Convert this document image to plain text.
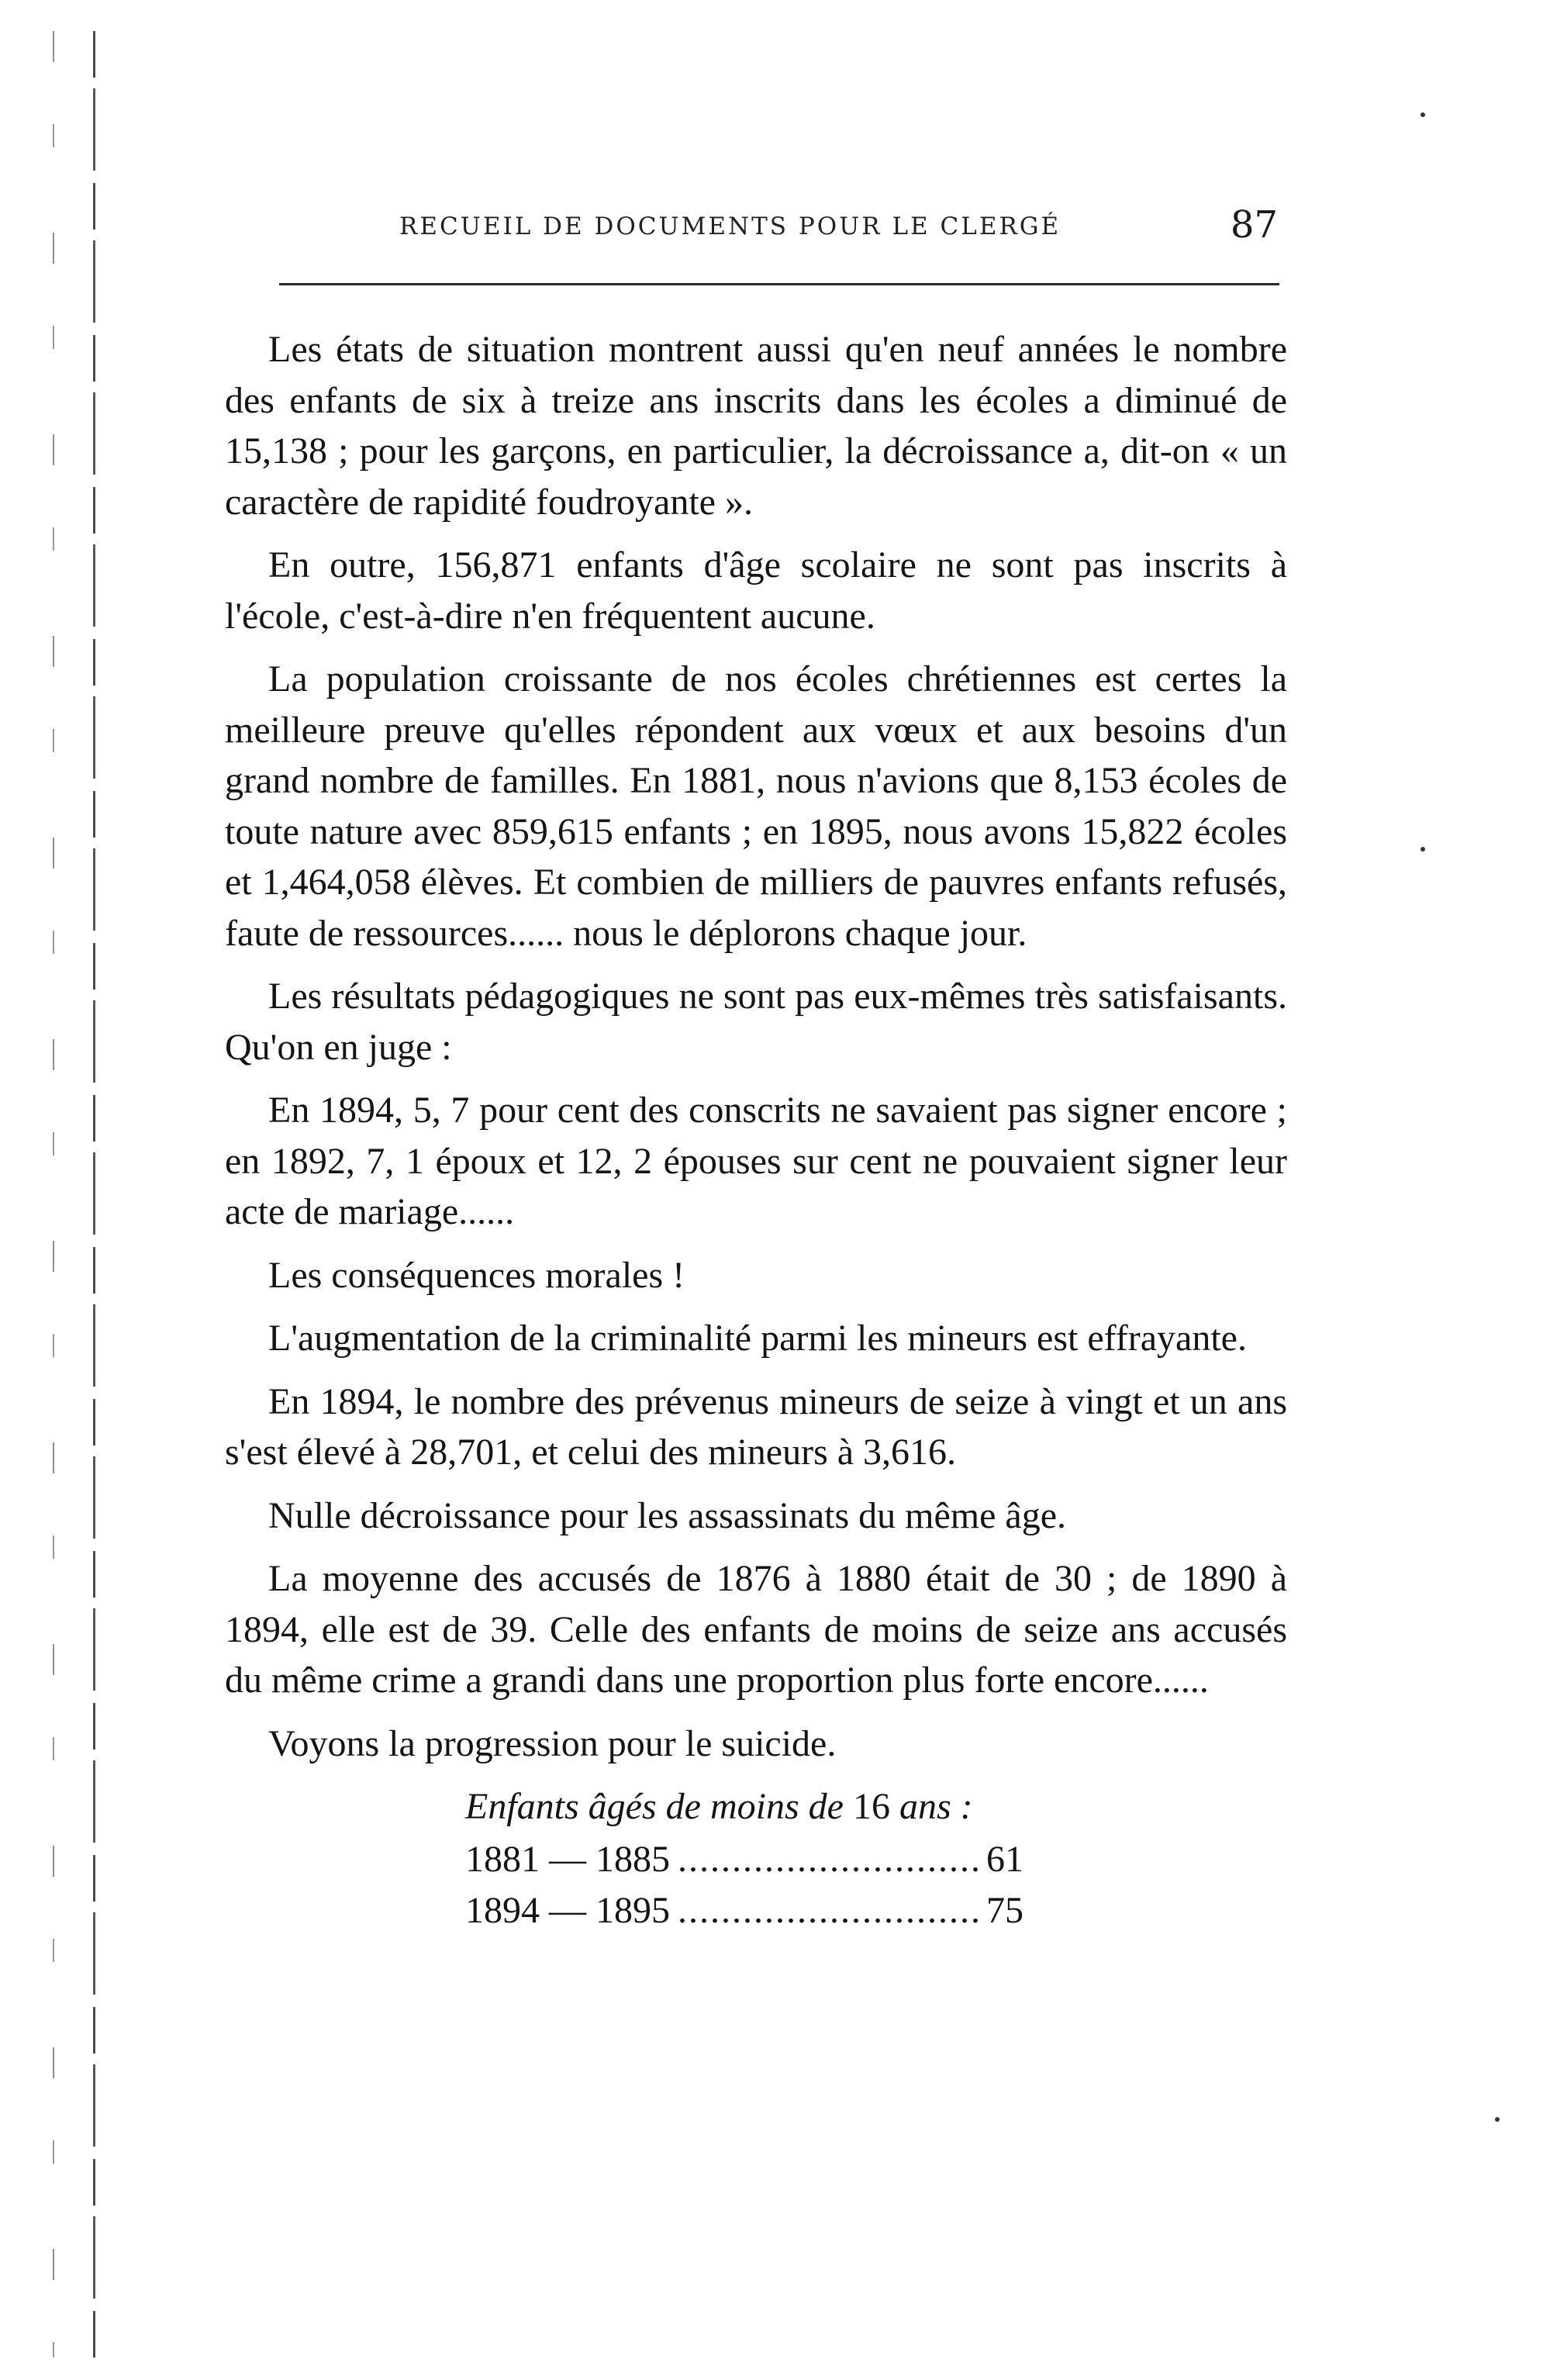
RECUEIL DE DOCUMENTS POUR LE CLERGÉ	87

Les états de situation montrent aussi qu'en neuf années le nombre des enfants de six à treize ans inscrits dans les écoles a diminué de 15,138 ; pour les garçons, en particulier, la décroissance a, dit-on « un caractère de rapidité foudroyante ».

En outre, 156,871 enfants d'âge scolaire ne sont pas inscrits à l'école, c'est-à-dire n'en fréquentent aucune.

La population croissante de nos écoles chrétiennes est certes la meilleure preuve qu'elles répondent aux vœux et aux besoins d'un grand nombre de familles. En 1881, nous n'avions que 8,153 écoles de toute nature avec 859,615 enfants ; en 1895, nous avons 15,822 écoles et 1,464,058 élèves. Et combien de milliers de pauvres enfants refusés, faute de ressources...... nous le déplorons chaque jour.

Les résultats pédagogiques ne sont pas eux-mêmes très satisfaisants. Qu'on en juge :

En 1894, 5, 7 pour cent des conscrits ne savaient pas signer encore ; en 1892, 7, 1 époux et 12, 2 épouses sur cent ne pouvaient signer leur acte de mariage......

Les conséquences morales !

L'augmentation de la criminalité parmi les mineurs est effrayante.

En 1894, le nombre des prévenus mineurs de seize à vingt et un ans s'est élevé à 28,701, et celui des mineurs à 3,616.

Nulle décroissance pour les assassinats du même âge.

La moyenne des accusés de 1876 à 1880 était de 30 ; de 1890 à 1894, elle est de 39. Celle des enfants de moins de seize ans accusés du même crime a grandi dans une proportion plus forte encore......

Voyons la progression pour le suicide.

Enfants âgés de moins de 16 ans :
1881 — 1885 .....	61
1894 — 1895 .....	75
